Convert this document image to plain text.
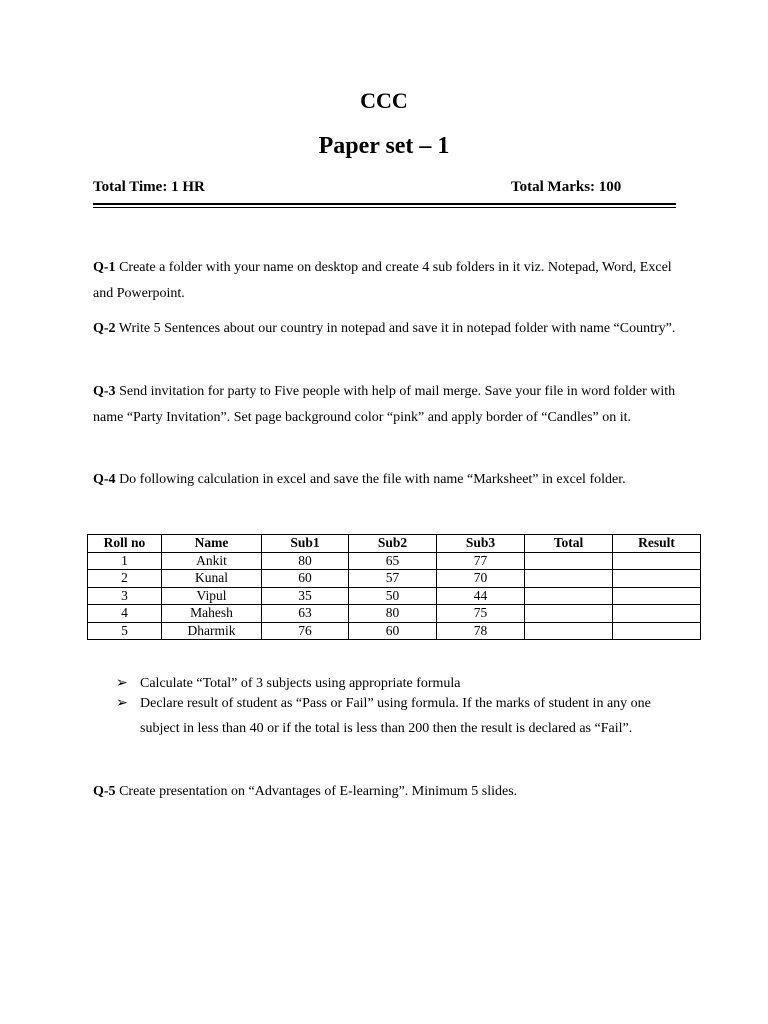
CCC
Paper set – 1
Total Time: 1 HR	Total Marks: 100
Q-1 Create a folder with your name on desktop and create 4 sub folders in it viz. Notepad, Word, Excel and Powerpoint.
Q-2 Write 5 Sentences about our country in notepad and save it in notepad folder with name “Country”.
Q-3 Send invitation for party to Five people with help of mail merge. Save your file in word folder with name “Party Invitation”. Set page background color “pink” and apply border of “Candles” on it.
Q-4 Do following calculation in excel and save the file with name “Marksheet” in excel folder.
Roll no	Name	Sub1	Sub2	Sub3	Total	Result
1	Ankit	80	65	77		
2	Kunal	60	57	70		
3	Vipul	35	50	44		
4	Mahesh	63	80	75		
5	Dharmik	76	60	78		
➢ Calculate “Total” of 3 subjects using appropriate formula
➢ Declare result of student as “Pass or Fail” using formula. If the marks of student in any one subject in less than 40 or if the total is less than 200 then the result is declared as “Fail”.
Q-5 Create presentation on “Advantages of E-learning”. Minimum 5 slides.
